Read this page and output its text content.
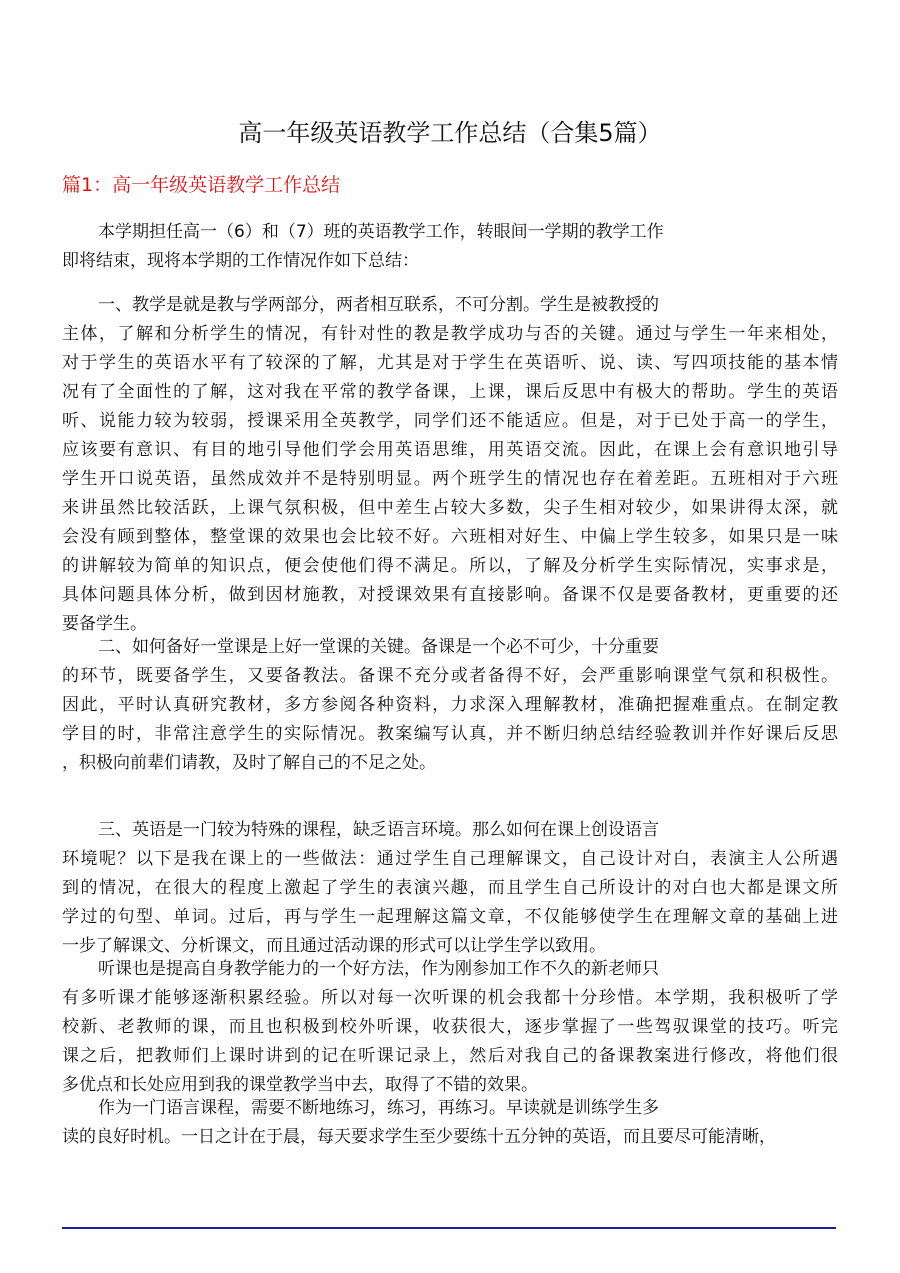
高一年级英语教学工作总结（合集5篇）
篇1：高一年级英语教学工作总结
本学期担任高一（6）和（7）班的英语教学工作，转眼间一学期的教学工作
即将结束，现将本学期的工作情况作如下总结：
一、教学是就是教与学两部分，两者相互联系，不可分割。学生是被教授的
主体，了解和分析学生的情况，有针对性的教是教学成功与否的关键。通过与学生一年来相处，
对于学生的英语水平有了较深的了解，尤其是对于学生在英语听、说、读、写四项技能的基本情
况有了全面性的了解，这对我在平常的教学备课，上课，课后反思中有极大的帮助。学生的英语
听、说能力较为较弱，授课采用全英教学，同学们还不能适应。但是，对于已处于高一的学生，
应该要有意识、有目的地引导他们学会用英语思维，用英语交流。因此，在课上会有意识地引导
学生开口说英语，虽然成效并不是特别明显。两个班学生的情况也存在着差距。五班相对于六班
来讲虽然比较活跃，上课气氛积极，但中差生占较大多数，尖子生相对较少，如果讲得太深，就
会没有顾到整体，整堂课的效果也会比较不好。六班相对好生、中偏上学生较多，如果只是一味
的讲解较为简单的知识点，便会使他们得不满足。所以，了解及分析学生实际情况，实事求是，
具体问题具体分析，做到因材施教，对授课效果有直接影响。备课不仅是要备教材，更重要的还
要备学生。
二、如何备好一堂课是上好一堂课的关键。备课是一个必不可少，十分重要
的环节，既要备学生，又要备教法。备课不充分或者备得不好，会严重影响课堂气氛和积极性。
因此，平时认真研究教材，多方参阅各种资料，力求深入理解教材，准确把握难重点。在制定教
学目的时，非常注意学生的实际情况。教案编写认真，并不断归纳总结经验教训并作好课后反思
，积极向前辈们请教，及时了解自己的不足之处。
三、英语是一门较为特殊的课程，缺乏语言环境。那么如何在课上创设语言
环境呢？以下是我在课上的一些做法：通过学生自己理解课文，自己设计对白，表演主人公所遇
到的情况，在很大的程度上激起了学生的表演兴趣，而且学生自己所设计的对白也大都是课文所
学过的句型、单词。过后，再与学生一起理解这篇文章，不仅能够使学生在理解文章的基础上进
一步了解课文、分析课文，而且通过活动课的形式可以让学生学以致用。
听课也是提高自身教学能力的一个好方法，作为刚参加工作不久的新老师只
有多听课才能够逐渐积累经验。所以对每一次听课的机会我都十分珍惜。本学期，我积极听了学
校新、老教师的课，而且也积极到校外听课，收获很大，逐步掌握了一些驾驭课堂的技巧。听完
课之后，把教师们上课时讲到的记在听课记录上，然后对我自己的备课教案进行修改，将他们很
多优点和长处应用到我的课堂教学当中去，取得了不错的效果。
作为一门语言课程，需要不断地练习，练习，再练习。早读就是训练学生多
读的良好时机。一日之计在于晨，每天要求学生至少要练十五分钟的英语，而且要尽可能清晰，
